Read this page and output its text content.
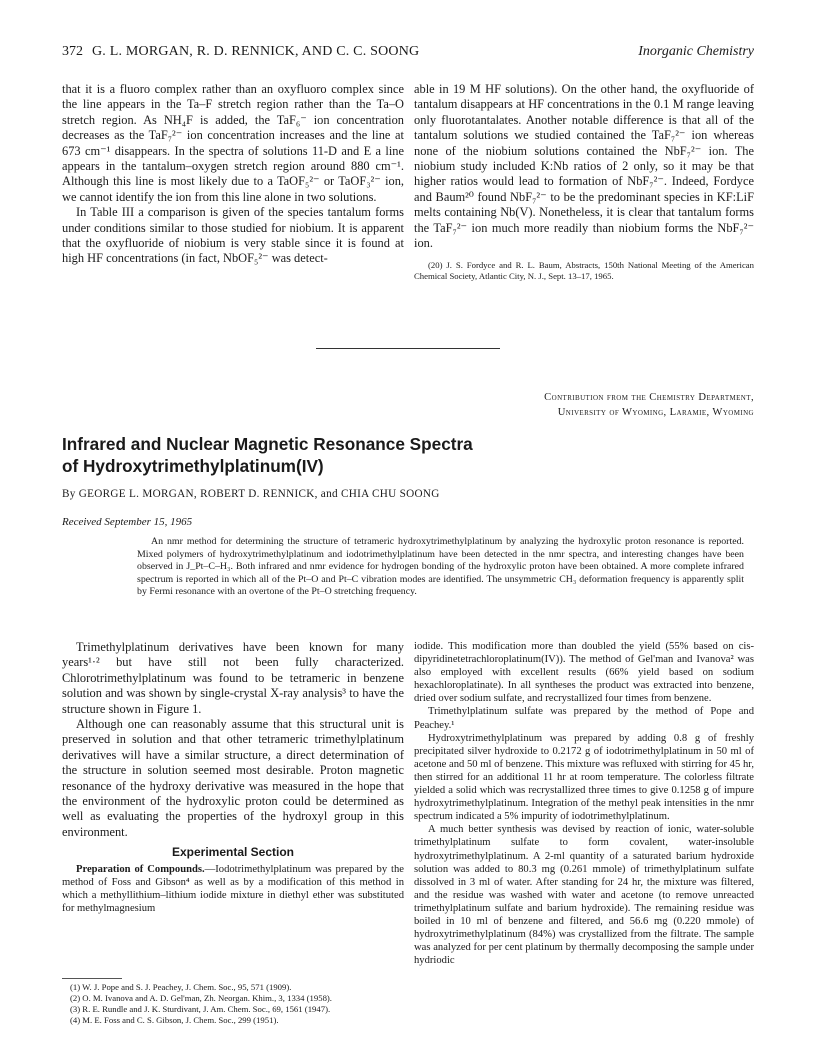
372 G. L. MORGAN, R. D. RENNICK, AND C. C. SOONG	Inorganic Chemistry

that it is a fluoro complex rather than an oxyfluoro complex since the line appears in the Ta–F stretch region rather than the Ta–O stretch region. As NH₄F is added, the TaF₆⁻ ion concentration decreases as the TaF₇²⁻ ion concentration increases and the line at 673 cm⁻¹ disappears. In the spectra of solutions 11-D and E a line appears in the tantalum–oxygen stretch region around 880 cm⁻¹. Although this line is most likely due to a TaOF₅²⁻ or TaOF₃²⁻ ion, we cannot identify the ion from this line alone in two solutions.

In Table III a comparison is given of the species tantalum forms under conditions similar to those studied for niobium. It is apparent that the oxyfluoride of niobium is very stable since it is found at high HF concentrations (in fact, NbOF₅²⁻ was detect-

able in 19 M HF solutions). On the other hand, the oxyfluoride of tantalum disappears at HF concentrations in the 0.1 M range leaving only fluorotantalates. Another notable difference is that all of the tantalum solutions we studied contained the TaF₇²⁻ ion whereas none of the niobium solutions contained the NbF₇²⁻ ion. The niobium study included K:Nb ratios of 2 only, so it may be that higher ratios would lead to formation of NbF₇²⁻. Indeed, Fordyce and Baum²⁰ found NbF₇²⁻ to be the predominant species in KF:LiF melts containing Nb(V). Nonetheless, it is clear that tantalum forms the TaF₇²⁻ ion much more readily than niobium forms the NbF₇²⁻ ion.

(20) J. S. Fordyce and R. L. Baum, Abstracts, 150th National Meeting of the American Chemical Society, Atlantic City, N. J., Sept. 13–17, 1965.
Contribution from the Chemistry Department,
University of Wyoming, Laramie, Wyoming
Infrared and Nuclear Magnetic Resonance Spectra
of Hydroxytrimethylplatinum(IV)
By GEORGE L. MORGAN, ROBERT D. RENNICK, and CHIA CHU SOONG
Received September 15, 1965

An nmr method for determining the structure of tetrameric hydroxytrimethylplatinum by analyzing the hydroxylic proton resonance is reported. Mixed polymers of hydroxytrimethylplatinum and iodotrimethylplatinum have been detected in the nmr spectra, and interesting changes have been observed in J_Pt–C–H₃. Both infrared and nmr evidence for hydrogen bonding of the hydroxylic proton have been obtained. A more complete infrared spectrum is reported in which all of the Pt–O and Pt–C vibration modes are identified. The unsymmetric CH₃ deformation frequency is apparently split by Fermi resonance with an overtone of the Pt–O stretching frequency.

Trimethylplatinum derivatives have been known for many years¹·² but have still not been fully characterized. Chlorotrimethylplatinum was found to be tetrameric in benzene solution and was shown by single-crystal X-ray analysis³ to have the structure shown in Figure 1.

Although one can reasonably assume that this structural unit is preserved in solution and that other tetrameric trimethylplatinum derivatives will have a similar structure, a direct determination of the structure in solution seemed most desirable. Proton magnetic resonance of the hydroxy derivative was measured in the hope that the environment of the hydroxylic proton could be determined as well as evaluating the properties of the hydroxyl group in this environment.

Experimental Section

Preparation of Compounds.—Iodotrimethylplatinum was prepared by the method of Foss and Gibson⁴ as well as by a modification of this method in which a methyllithium–lithium iodide mixture in diethyl ether was substituted for methylmagnesium

(1) W. J. Pope and S. J. Peachey, J. Chem. Soc., 95, 571 (1909).

(2) O. M. Ivanova and A. D. Gel'man, Zh. Neorgan. Khim., 3, 1334 (1958).

(3) R. E. Rundle and J. K. Sturdivant, J. Am. Chem. Soc., 69, 1561 (1947).

(4) M. E. Foss and C. S. Gibson, J. Chem. Soc., 299 (1951).

iodide. This modification more than doubled the yield (55% based on cis-dipyridinetetrachloroplatinum(IV)). The method of Gel'man and Ivanova² was also employed with excellent results (66% yield based on sodium hexachloroplatinate). In all syntheses the product was extracted into benzene, dried over sodium sulfate, and recrystallized four times from benzene.

Trimethylplatinum sulfate was prepared by the method of Pope and Peachey.¹

Hydroxytrimethylplatinum was prepared by adding 0.8 g of freshly precipitated silver hydroxide to 0.2172 g of iodotrimethylplatinum in 50 ml of acetone and 50 ml of benzene. This mixture was refluxed with stirring for 45 hr, then stirred for an additional 11 hr at room temperature. The colorless filtrate yielded a solid which was recrystallized three times to give 0.1258 g of impure hydroxytrimethylplatinum. Integration of the methyl peak intensities in the nmr spectrum indicated a 5% impurity of iodotrimethylplatinum.

A much better synthesis was devised by reaction of ionic, water-soluble trimethylplatinum sulfate to form covalent, water-insoluble hydroxytrimethylplatinum. A 2-ml quantity of a saturated barium hydroxide solution was added to 80.3 mg (0.261 mmole) of trimethylplatinum sulfate dissolved in 3 ml of water. After standing for 24 hr, the mixture was filtered, and the residue was washed with water and acetone (to remove unreacted trimethylplatinum sulfate and barium hydroxide). The remaining residue was boiled in 10 ml of benzene and filtered, and 56.6 mg (0.220 mmole) of hydroxytrimethylplatinum (84%) was crystallized from the filtrate. The sample was analyzed for per cent platinum by thermally decomposing the sample under hydriodic
